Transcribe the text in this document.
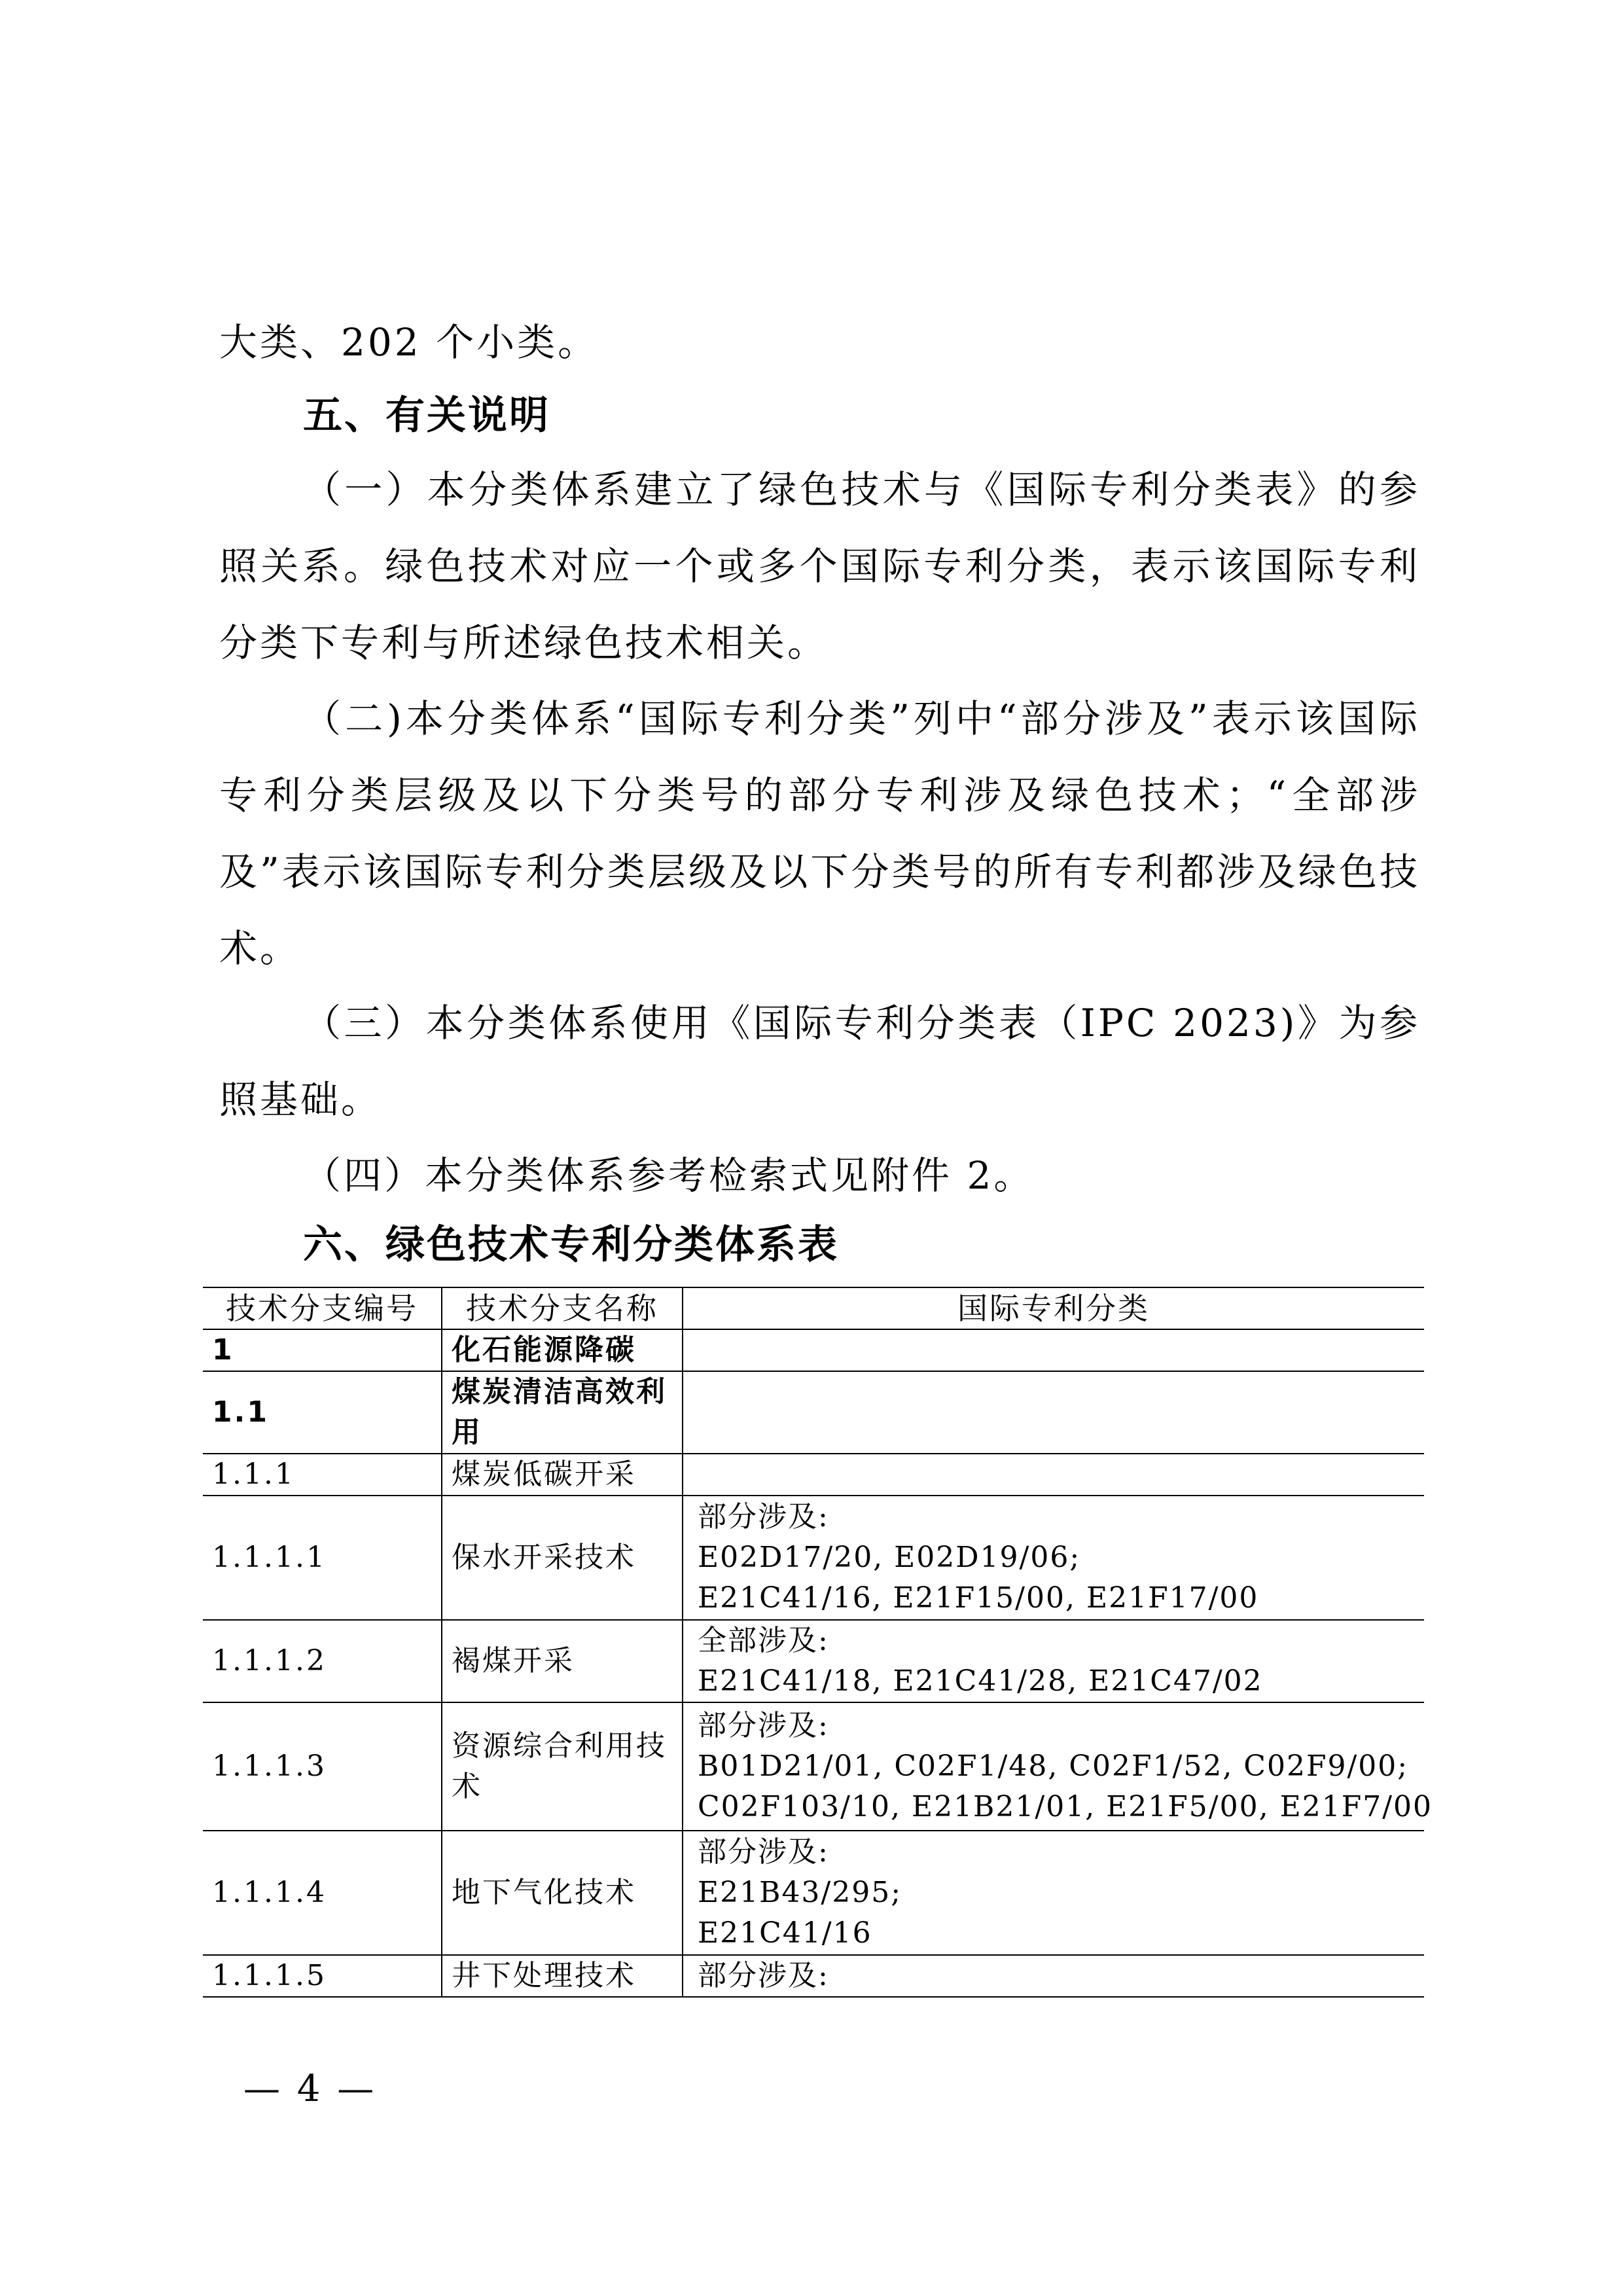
大类、202 个小类。
五、有关说明
（一）本分类体系建立了绿色技术与《国际专利分类表》的参照关系。绿色技术对应一个或多个国际专利分类，表示该国际专利分类下专利与所述绿色技术相关。
（二)本分类体系“国际专利分类”列中“部分涉及”表示该国际专利分类层级及以下分类号的部分专利涉及绿色技术；“全部涉及”表示该国际专利分类层级及以下分类号的所有专利都涉及绿色技术。
（三）本分类体系使用《国际专利分类表（IPC 2023)》为参照基础。
（四）本分类体系参考检索式见附件 2。
六、绿色技术专利分类体系表
技术分支编号	技术分支名称	国际专利分类
1	化石能源降碳	
1.1	煤炭清洁高效利用	
1.1.1	煤炭低碳开采	
1.1.1.1	保水开采技术	部分涉及:
E02D17/20, E02D19/06;
E21C41/16, E21F15/00, E21F17/00

1.1.1.2	褐煤开采	全部涉及:
E21C41/18, E21C41/28, E21C47/02

1.1.1.3	资源综合利用技术	部分涉及:
B01D21/01, C02F1/48, C02F1/52, C02F9/00;
C02F103/10, E21B21/01, E21F5/00, E21F7/00

1.1.1.4	地下气化技术	部分涉及:
E21B43/295;
E21C41/16

1.1.1.5	井下处理技术	部分涉及:
— 4 —
